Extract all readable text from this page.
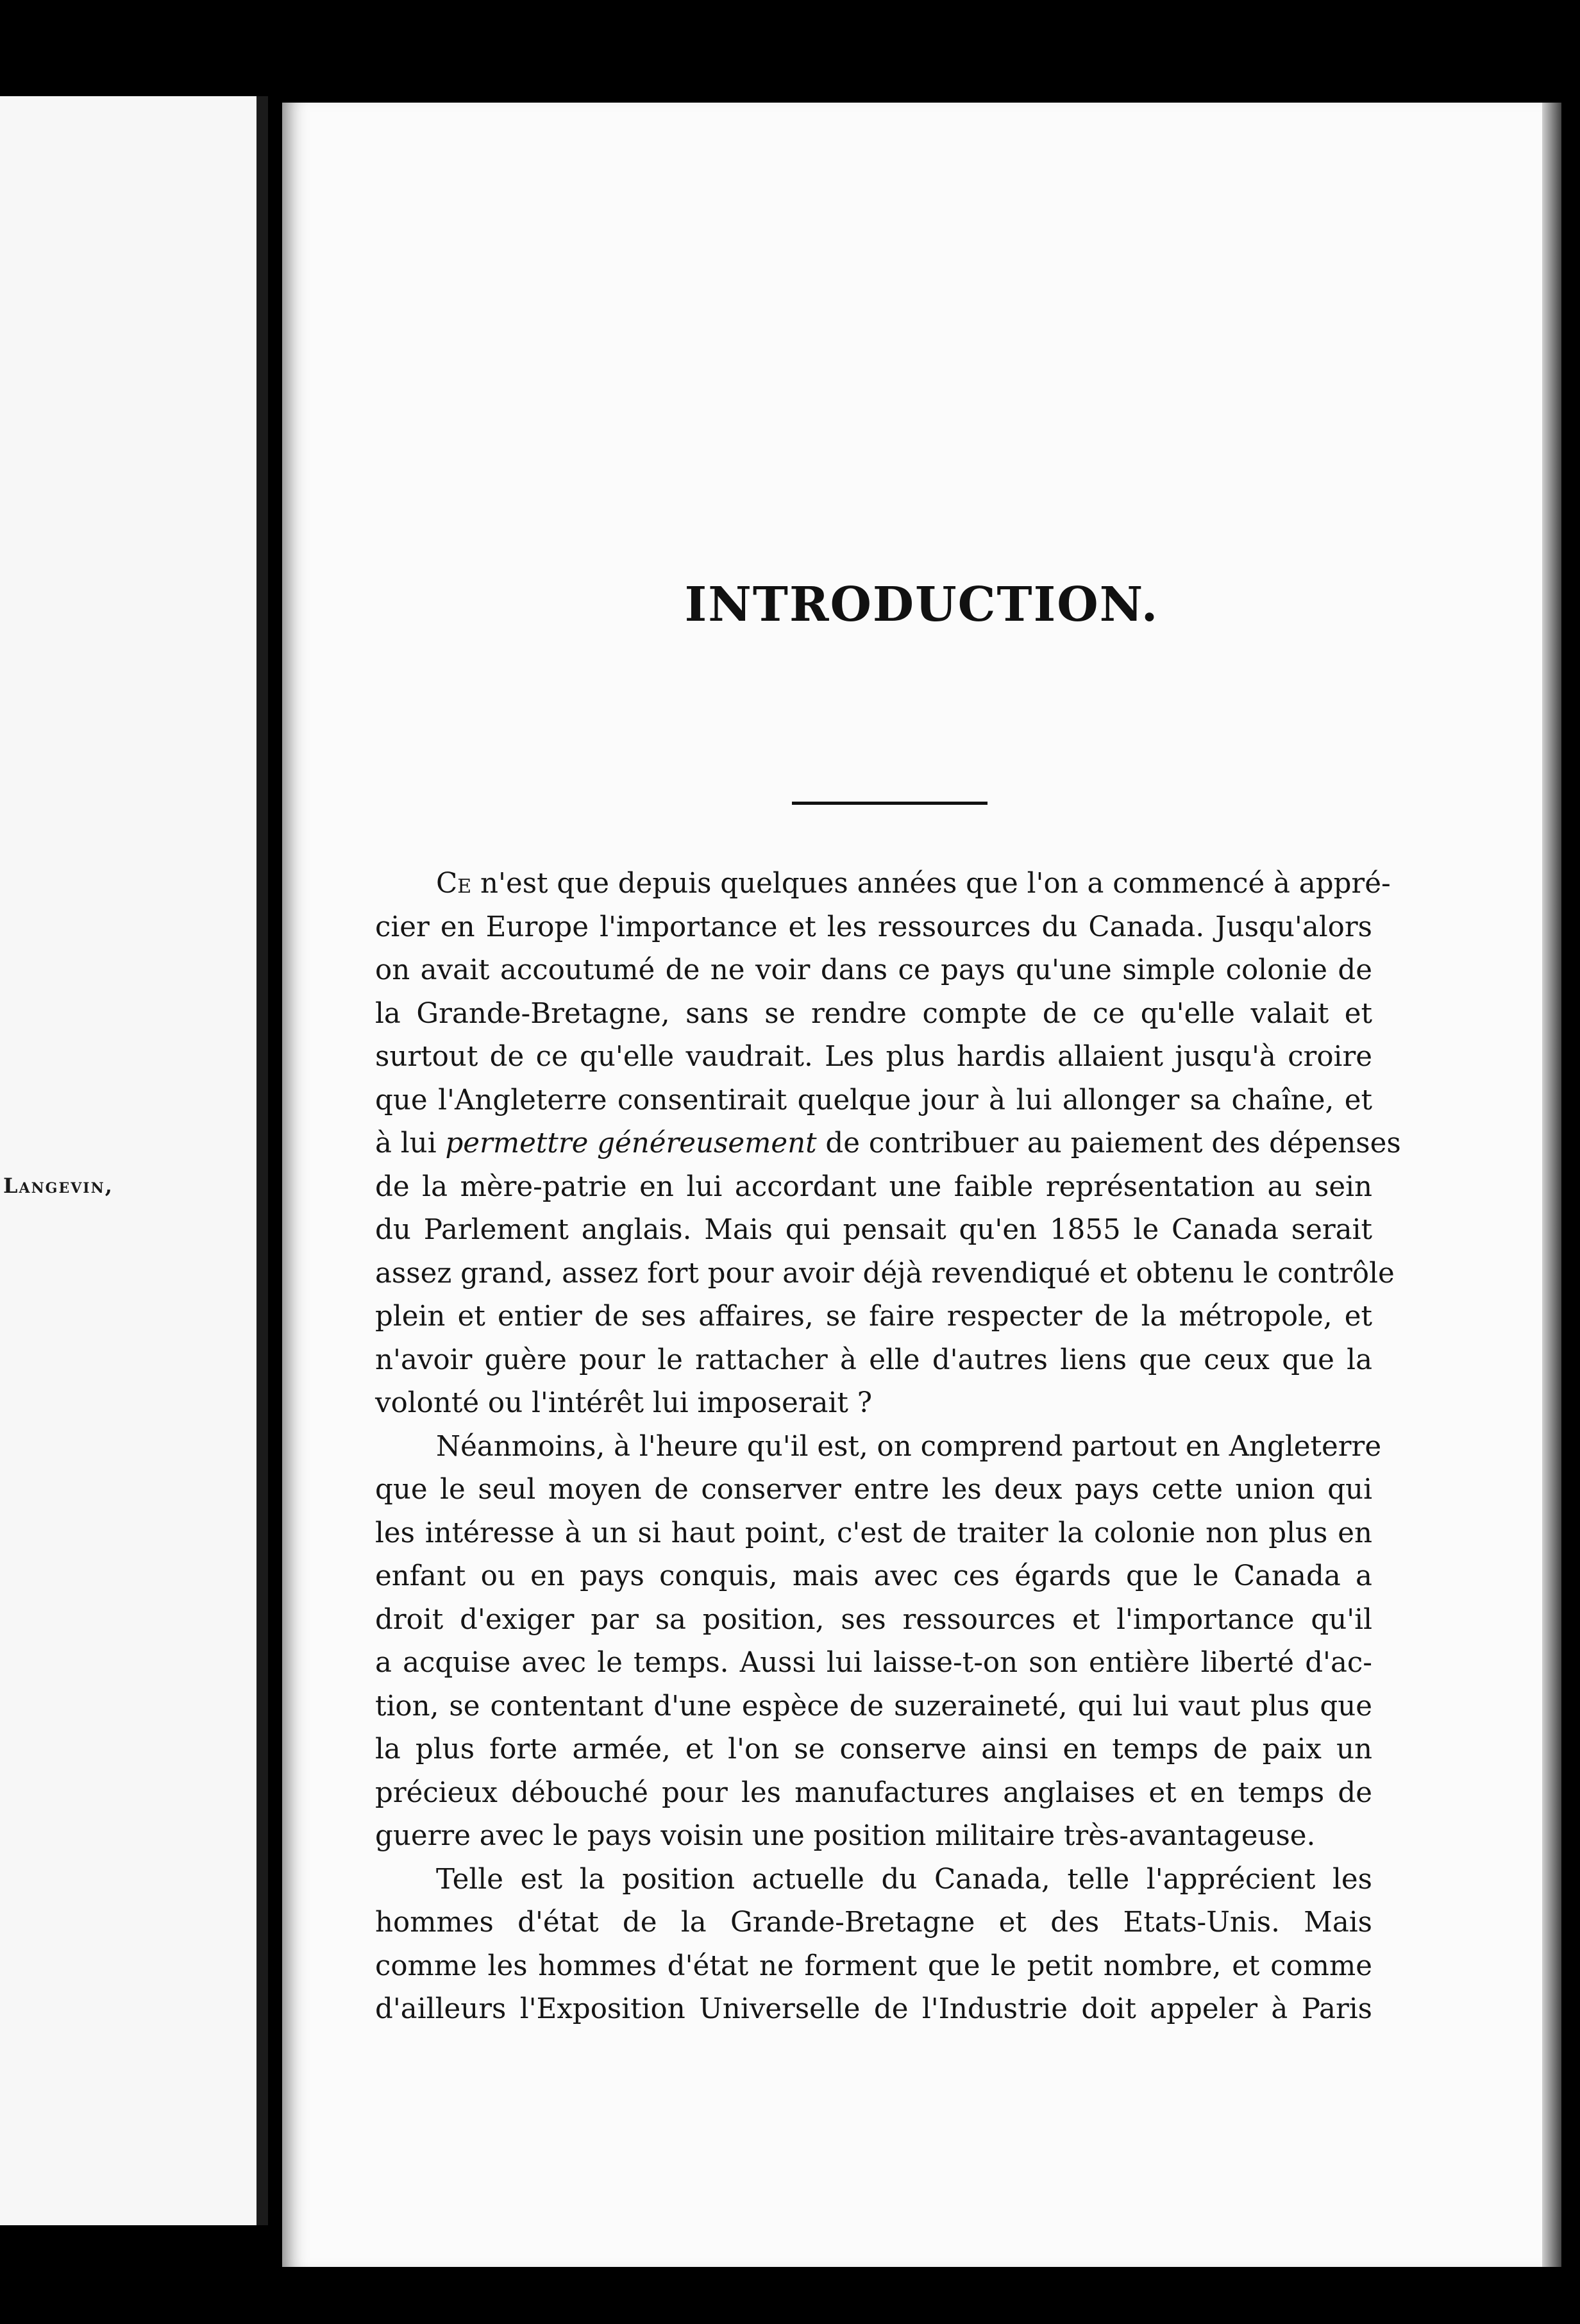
Langevin,
INTRODUCTION.

Ce n'est que depuis quelques années que l'on a commencé à appré-
cier en Europe l'importance et les ressources du Canada. Jusqu'alors
on avait accoutumé de ne voir dans ce pays qu'une simple colonie de
la Grande-Bretagne, sans se rendre compte de ce qu'elle valait et
surtout de ce qu'elle vaudrait. Les plus hardis allaient jusqu'à croire
que l'Angleterre consentirait quelque jour à lui allonger sa chaîne, et
à lui permettre généreusement de contribuer au paiement des dépenses
de la mère-patrie en lui accordant une faible représentation au sein
du Parlement anglais. Mais qui pensait qu'en 1855 le Canada serait
assez grand, assez fort pour avoir déjà revendiqué et obtenu le contrôle
plein et entier de ses affaires, se faire respecter de la métropole, et
n'avoir guère pour le rattacher à elle d'autres liens que ceux que la
volonté ou l'intérêt lui imposerait ?

Néanmoins, à l'heure qu'il est, on comprend partout en Angleterre
que le seul moyen de conserver entre les deux pays cette union qui
les intéresse à un si haut point, c'est de traiter la colonie non plus en
enfant ou en pays conquis, mais avec ces égards que le Canada a
droit d'exiger par sa position, ses ressources et l'importance qu'il
a acquise avec le temps. Aussi lui laisse-t-on son entière liberté d'ac-
tion, se contentant d'une espèce de suzeraineté, qui lui vaut plus que
la plus forte armée, et l'on se conserve ainsi en temps de paix un
précieux débouché pour les manufactures anglaises et en temps de
guerre avec le pays voisin une position militaire très-avantageuse.

Telle est la position actuelle du Canada, telle l'apprécient les
hommes d'état de la Grande-Bretagne et des Etats-Unis. Mais
comme les hommes d'état ne forment que le petit nombre, et comme
d'ailleurs l'Exposition Universelle de l'Industrie doit appeler à Paris
